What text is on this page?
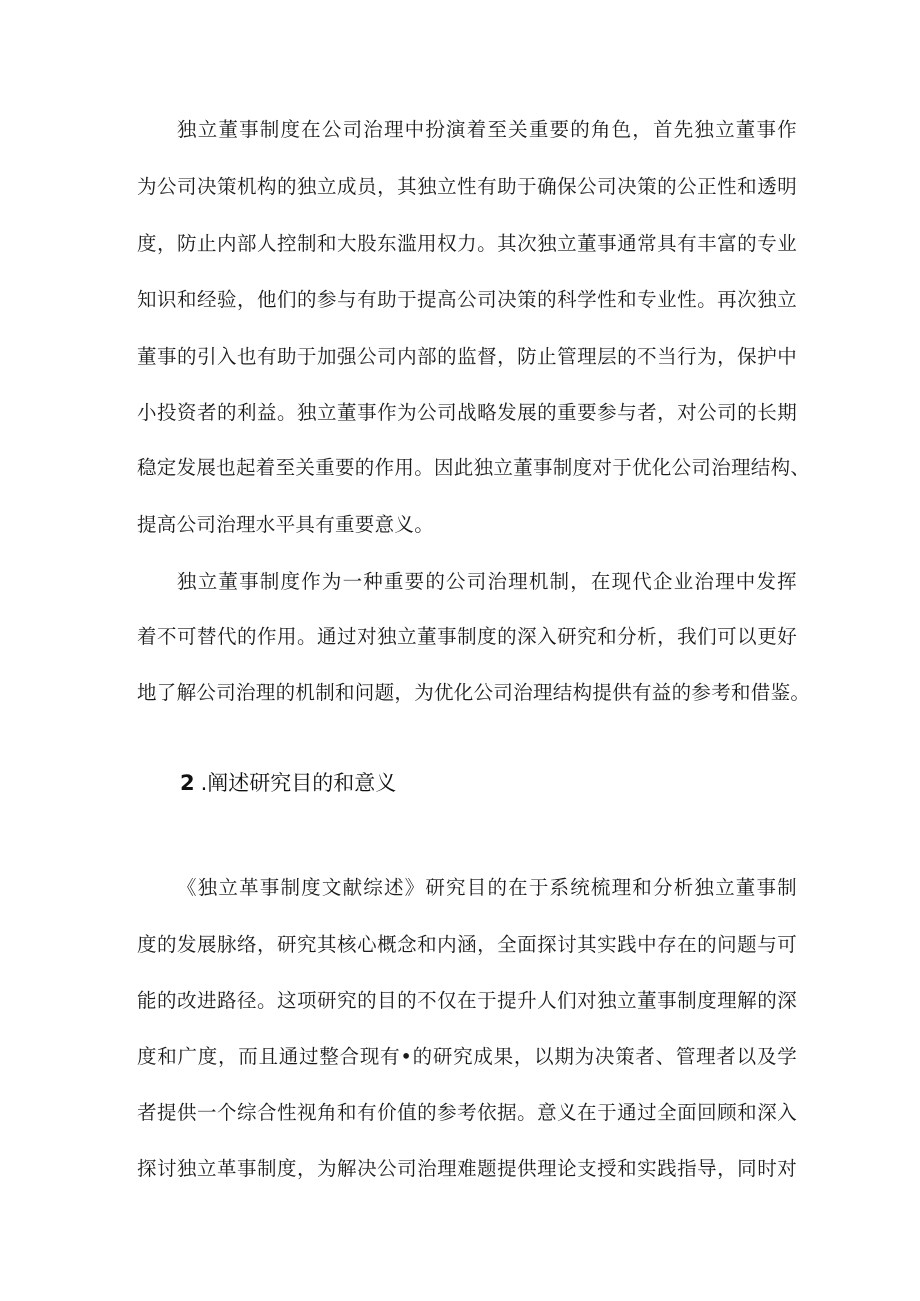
独立董事制度在公司治理中扮演着至关重要的角色，首先独立董事作
为公司决策机构的独立成员，其独立性有助于确保公司决策的公正性和透明
度，防止内部人控制和大股东滥用权力。其次独立董事通常具有丰富的专业
知识和经验，他们的参与有助于提高公司决策的科学性和专业性。再次独立
董事的引入也有助于加强公司内部的监督，防止管理层的不当行为，保护中
小投资者的利益。独立董事作为公司战略发展的重要参与者，对公司的长期
稳定发展也起着至关重要的作用。因此独立董事制度对于优化公司治理结构、
提高公司治理水平具有重要意义。
独立董事制度作为一种重要的公司治理机制，在现代企业治理中发挥
着不可替代的作用。通过对独立董事制度的深入研究和分析，我们可以更好
地了解公司治理的机制和问题，为优化公司治理结构提供有益的参考和借鉴。
2 .阐述研究目的和意义
《独立革事制度文献综述》研究目的在于系统梳理和分析独立董事制
度的发展脉络，研究其核心概念和内涵，全面探讨其实践中存在的问题与可
能的改进路径。这项研究的目的不仅在于提升人们对独立董事制度理解的深
度和广度，而且通过整合现有•的研究成果，以期为决策者、管理者以及学
者提供一个综合性视角和有价值的参考依据。意义在于通过全面回顾和深入
探讨独立革事制度，为解决公司治理难题提供理论支授和实践指导，同时对
